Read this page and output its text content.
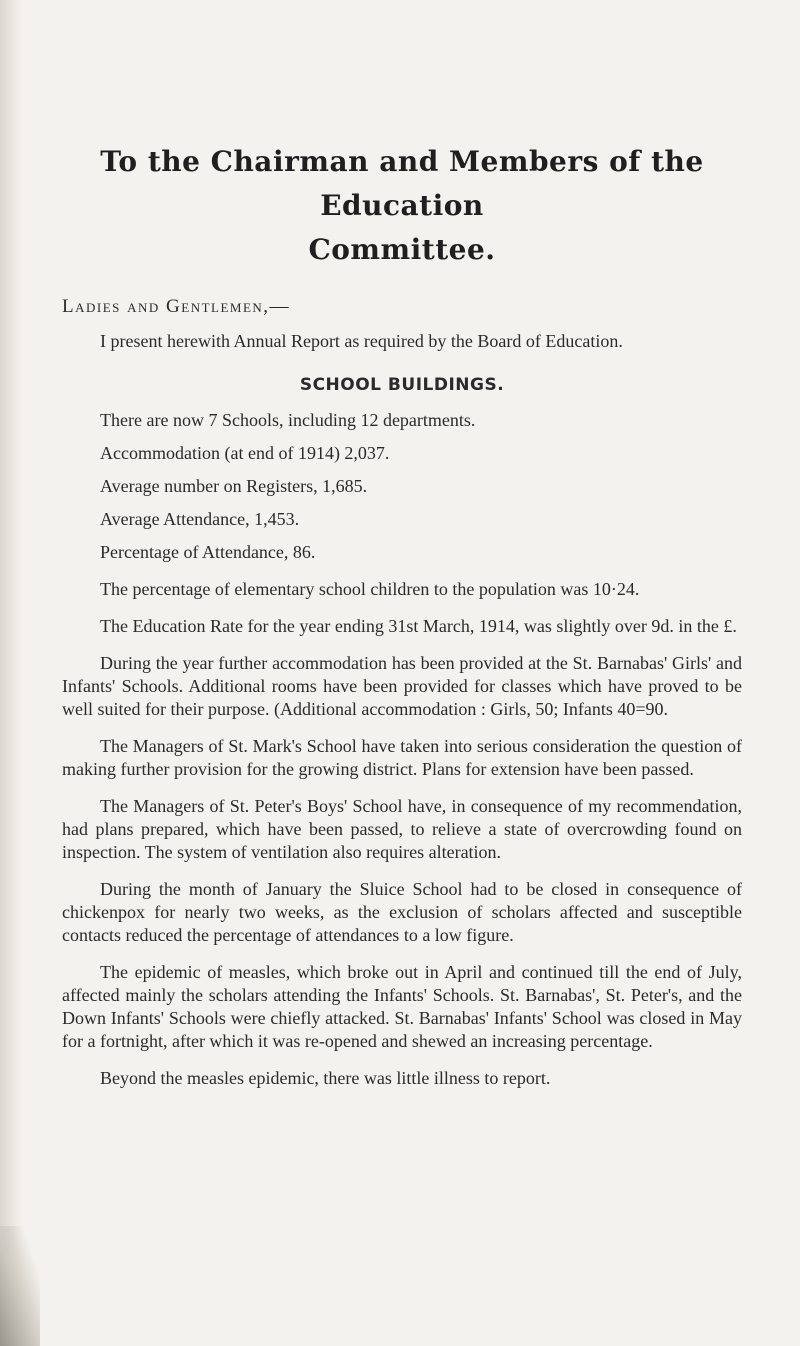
To the Chairman and Members of the Education
Committee.
Ladies and Gentlemen,—

I present herewith Annual Report as required by the Board of Education.

SCHOOL BUILDINGS.

There are now 7 Schools, including 12 departments.

Accommodation (at end of 1914) 2,037.

Average number on Registers, 1,685.

Average Attendance, 1,453.

Percentage of Attendance, 86.

The percentage of elementary school children to the population was 10·24.

The Education Rate for the year ending 31st March, 1914, was slightly over 9d. in the £.

During the year further accommodation has been provided at the St. Barnabas' Girls' and Infants' Schools. Additional rooms have been provided for classes which have proved to be well suited for their purpose. (Additional accommodation : Girls, 50; Infants 40=90.

The Managers of St. Mark's School have taken into serious consideration the question of making further provision for the growing district. Plans for extension have been passed.

The Managers of St. Peter's Boys' School have, in consequence of my recommendation, had plans prepared, which have been passed, to relieve a state of overcrowding found on inspection. The system of ventilation also requires alteration.

During the month of January the Sluice School had to be closed in consequence of chickenpox for nearly two weeks, as the exclusion of scholars affected and susceptible contacts reduced the percentage of attendances to a low figure.

The epidemic of measles, which broke out in April and continued till the end of July, affected mainly the scholars attending the Infants' Schools. St. Barnabas', St. Peter's, and the Down Infants' Schools were chiefly attacked. St. Barnabas' Infants' School was closed in May for a fortnight, after which it was re-opened and shewed an increasing percentage.

Beyond the measles epidemic, there was little illness to report.
